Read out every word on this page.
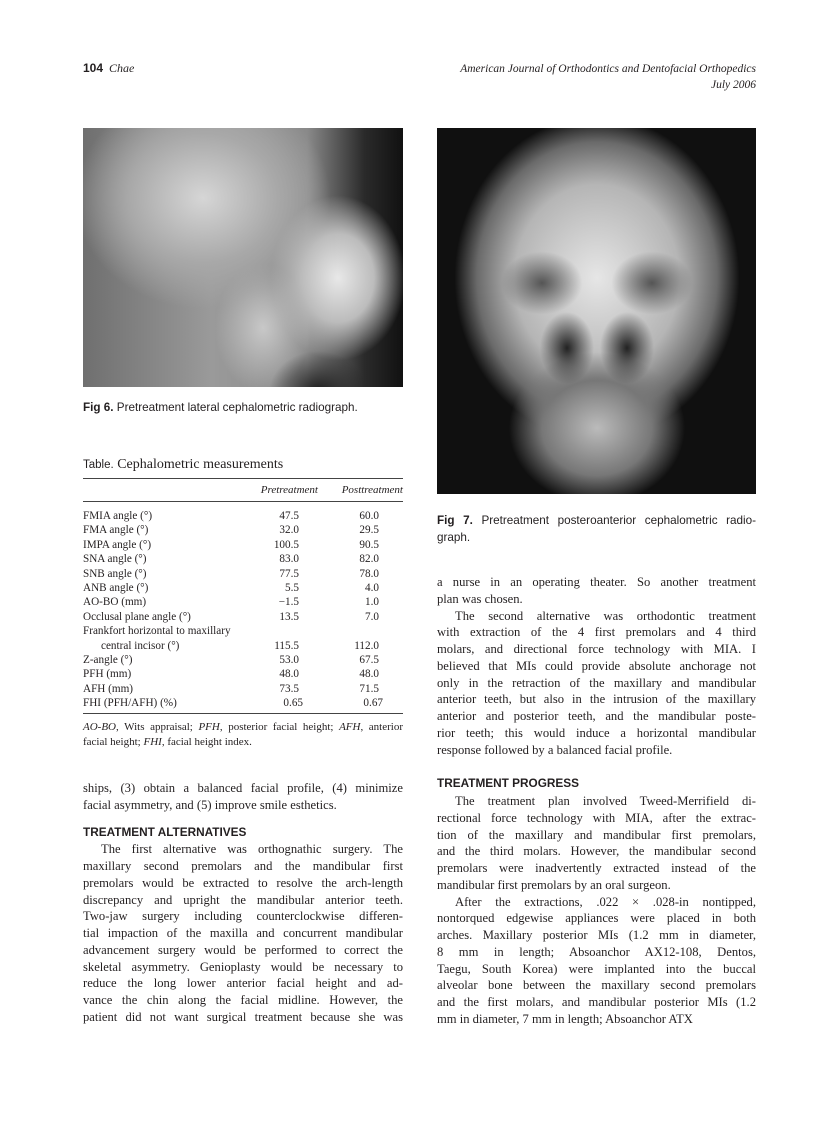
104 Chae	American Journal of Orthodontics and Dentofacial Orthopedics
July 2006
Fig 6. Pretreatment lateral cephalometric radiograph.
Fig 7. Pretreatment posteroanterior cephalometric radio-graph.
Table. Cephalometric measurements
Pretreatment Posttreatment
FMIA angle (°)	47.5	60.0
FMA angle (°)	32.0	29.5
IMPA angle (°)	100.5	90.5
SNA angle (°)	83.0	82.0
SNB angle (°)	77.5	78.0
ANB angle (°)	5.5	4.0
AO-BO (mm)	−1.5	1.0
Occlusal plane angle (°)	13.5	7.0
Frankfort horizontal to maxillary
central incisor (°)	115.5	112.0
Z-angle (°)	53.0	67.5
PFH (mm)	48.0	48.0
AFH (mm)	73.5	71.5
FHI (PFH/AFH) (%)	0.65	0.67
AO-BO, Wits appraisal; PFH, posterior facial height; AFH, anterior facial height; FHI, facial height index.
ships, (3) obtain a balanced facial profile, (4) minimize
facial asymmetry, and (5) improve smile esthetics.
TREATMENT ALTERNATIVES
The first alternative was orthognathic surgery. The
maxillary second premolars and the mandibular first
premolars would be extracted to resolve the arch-length
discrepancy and upright the mandibular anterior teeth.
Two-jaw surgery including counterclockwise differen-
tial impaction of the maxilla and concurrent mandibular
advancement surgery would be performed to correct the
skeletal asymmetry. Genioplasty would be necessary to
reduce the long lower anterior facial height and ad-
vance the chin along the facial midline. However, the
patient did not want surgical treatment because she was
a nurse in an operating theater. So another treatment
plan was chosen.
The second alternative was orthodontic treatment
with extraction of the 4 first premolars and 4 third
molars, and directional force technology with MIA. I
believed that MIs could provide absolute anchorage not
only in the retraction of the maxillary and mandibular
anterior teeth, but also in the intrusion of the maxillary
anterior and posterior teeth, and the mandibular poste-
rior teeth; this would induce a horizontal mandibular
response followed by a balanced facial profile.
TREATMENT PROGRESS
The treatment plan involved Tweed-Merrifield di-
rectional force technology with MIA, after the extrac-
tion of the maxillary and mandibular first premolars,
and the third molars. However, the mandibular second
premolars were inadvertently extracted instead of the
mandibular first premolars by an oral surgeon.
After the extractions, .022 × .028-in nontipped,
nontorqued edgewise appliances were placed in both
arches. Maxillary posterior MIs (1.2 mm in diameter,
8 mm in length; Absoanchor AX12-108, Dentos,
Taegu, South Korea) were implanted into the buccal
alveolar bone between the maxillary second premolars
and the first molars, and mandibular posterior MIs (1.2
mm in diameter, 7 mm in length; Absoanchor ATX
